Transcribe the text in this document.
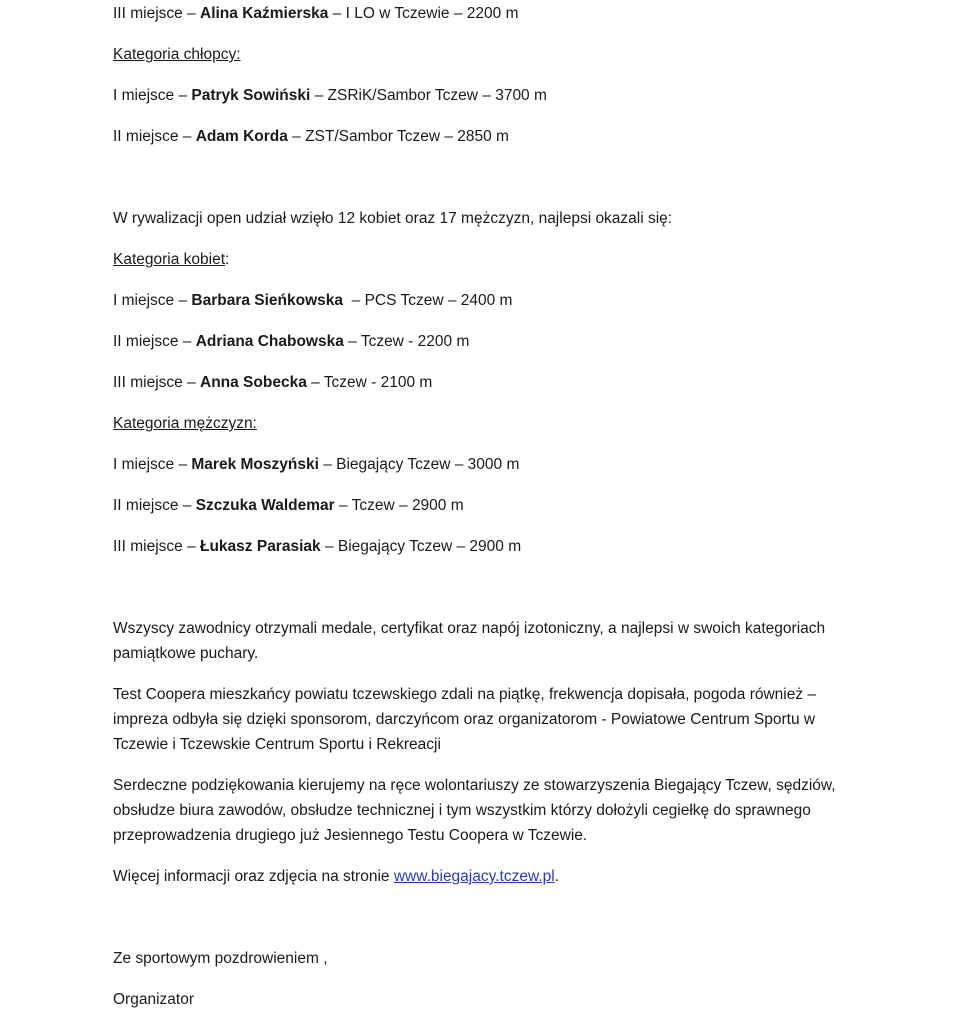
III miejsce – Alina Kaźmierska – I LO w Tczewie – 2200 m

Kategoria chłopcy:

I miejsce – Patryk Sowiński – ZSRiK/Sambor Tczew – 3700 m

II miejsce – Adam Korda – ZST/Sambor Tczew – 2850 m

W rywalizacji open udział wzięło 12 kobiet oraz 17 mężczyzn, najlepsi okazali się:

Kategoria kobiet:

I miejsce – Barbara Sieńkowska  – PCS Tczew – 2400 m

II miejsce – Adriana Chabowska – Tczew - 2200 m

III miejsce – Anna Sobecka – Tczew - 2100 m

Kategoria mężczyzn:

I miejsce – Marek Moszyński – Biegający Tczew – 3000 m

II miejsce – Szczuka Waldemar – Tczew – 2900 m

III miejsce – Łukasz Parasiak – Biegający Tczew – 2900 m

Wszyscy zawodnicy otrzymali medale, certyfikat oraz napój izotoniczny, a najlepsi w swoich kategoriach pamiątkowe puchary.

Test Coopera mieszkańcy powiatu tczewskiego zdali na piątkę, frekwencja dopisała, pogoda również – impreza odbyła się dzięki sponsorom, darczyńcom oraz organizatorom - Powiatowe Centrum Sportu w Tczewie i Tczewskie Centrum Sportu i Rekreacji

Serdeczne podziękowania kierujemy na ręce wolontariuszy ze stowarzyszenia Biegający Tczew, sędziów, obsłudze biura zawodów, obsłudze technicznej i tym wszystkim którzy dołożyli cegiełkę do sprawnego przeprowadzenia drugiego już Jesiennego Testu Coopera w Tczewie.

Więcej informacji oraz zdjęcia na stronie www.biegajacy.tczew.pl.

Ze sportowym pozdrowieniem ,

Organizator
